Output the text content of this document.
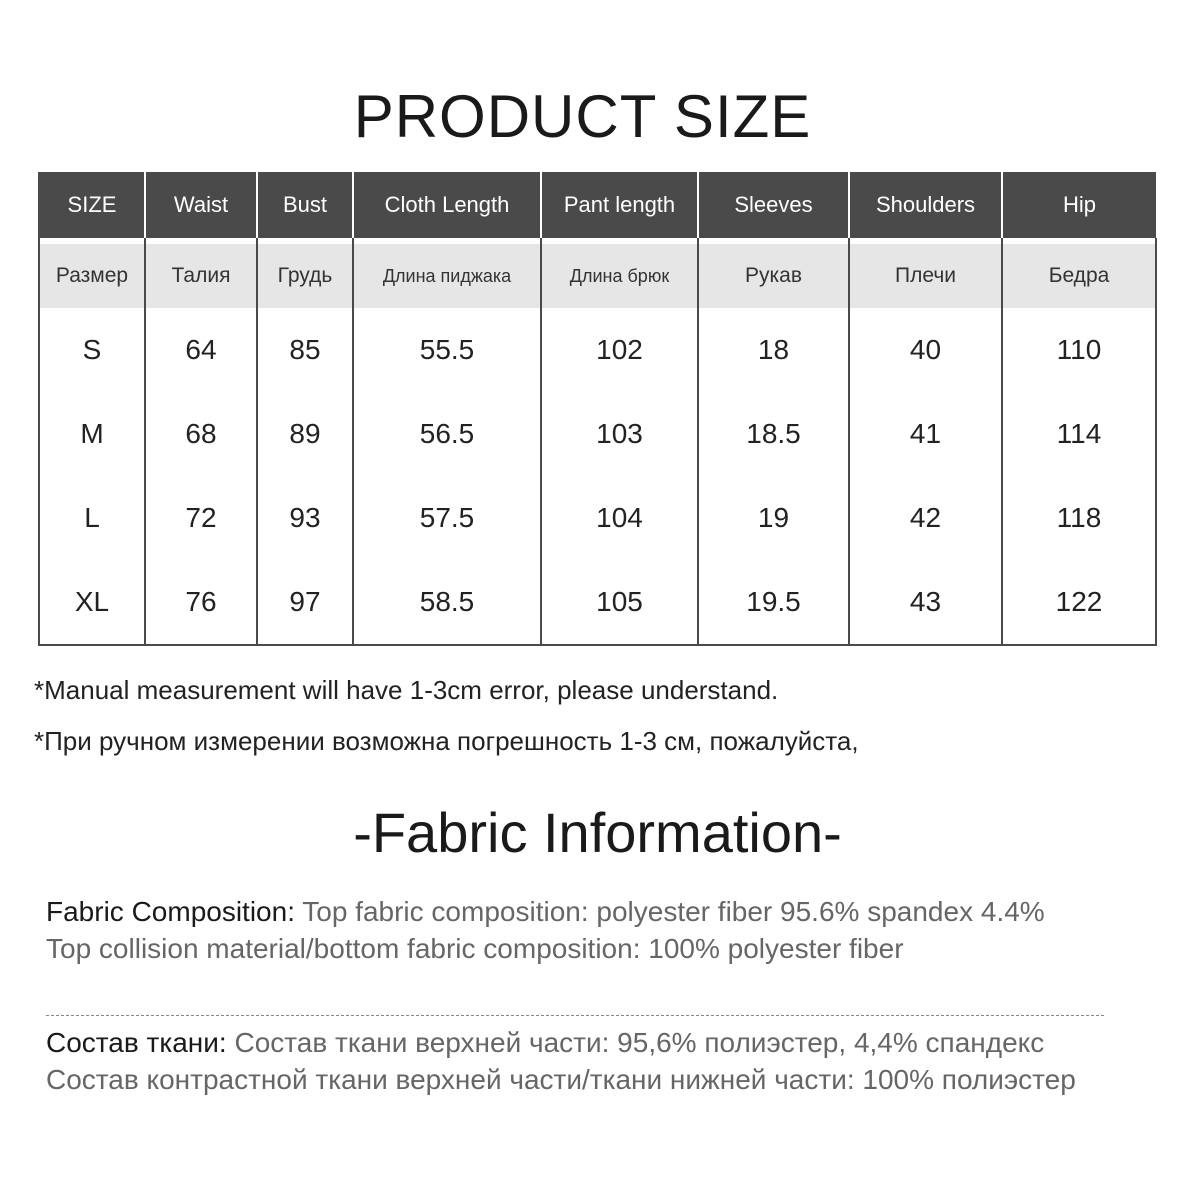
PRODUCT SIZE
SIZE	Waist	Bust	Cloth Length	Pant length	Sleeves	Shoulders	Hip

Размер	Талия	Грудь	Длина пиджака	Длина брюк	Рукав	Плечи	Бедра
S	64	85	55.5	102	18	40	110
M	68	89	56.5	103	18.5	41	114
L	72	93	57.5	104	19	42	118
XL	76	97	58.5	105	19.5	43	122

*Manual measurement will have 1-3cm error, please understand.

*При ручном измерении возможна погрешность 1-3 см, пожалуйста,

-Fabric Information-
Fabric Composition: Top fabric composition: polyester fiber 95.6% spandex 4.4%
Top collision material/bottom fabric composition: 100% polyester fiber
Состав ткани: Состав ткани верхней части: 95,6% полиэстер, 4,4% спандекс
Состав контрастной ткани верхней части/ткани нижней части: 100% полиэстер
